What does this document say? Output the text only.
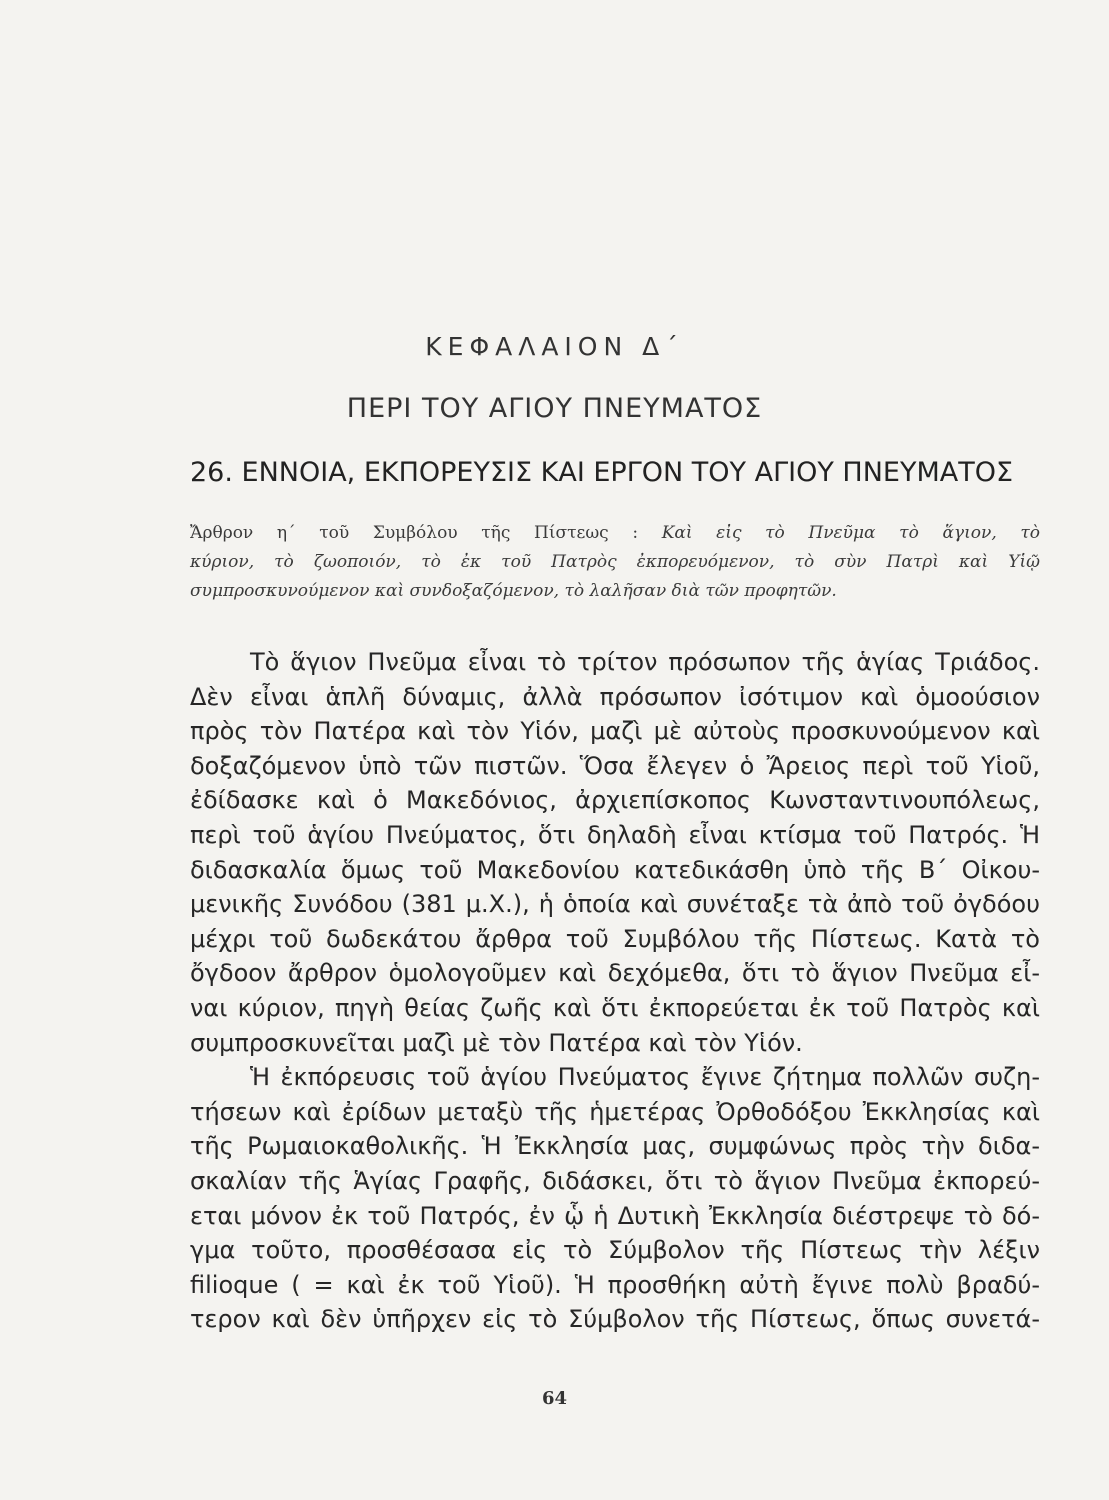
ΚΕΦΑΛΑΙΟΝ Δ΄
ΠΕΡΙ ΤΟΥ ΑΓΙΟΥ ΠΝΕΥΜΑΤΟΣ
26. ΕΝΝΟΙΑ, ΕΚΠΟΡΕΥΣΙΣ ΚΑΙ ΕΡΓΟΝ ΤΟΥ ΑΓΙΟΥ ΠΝΕΥΜΑΤΟΣ
Ἄρθρον η΄ τοῦ Συμβόλου τῆς Πίστεως : Καὶ εἰς τὸ Πνεῦμα τὸ ἅγιον, τὸ
κύριον, τὸ ζωοποιόν, τὸ ἐκ τοῦ Πατρὸς ἐκπορευόμενον, τὸ σὺν Πατρὶ καὶ Υἱῷ
συμπροσκυνούμενον καὶ συνδοξαζόμενον, τὸ λαλῆσαν διὰ τῶν προφητῶν.
Τὸ ἅγιον Πνεῦμα εἶναι τὸ τρίτον πρόσωπον τῆς ἁγίας Τριάδος.
Δὲν εἶναι ἁπλῆ δύναμις, ἀλλὰ πρόσωπον ἰσότιμον καὶ ὁμοούσιον
πρὸς τὸν Πατέρα καὶ τὸν Υἱόν, μαζὶ μὲ αὐτοὺς προσκυνούμενον καὶ
δοξαζόμενον ὑπὸ τῶν πιστῶν. Ὅσα ἔλεγεν ὁ Ἄρειος περὶ τοῦ Υἱοῦ,
ἐδίδασκε καὶ ὁ Μακεδόνιος, ἀρχιεπίσκοπος Κωνσταντινουπόλεως,
περὶ τοῦ ἁγίου Πνεύματος, ὅτι δηλαδὴ εἶναι κτίσμα τοῦ Πατρός. Ἡ
διδασκαλία ὅμως τοῦ Μακεδονίου κατεδικάσθη ὑπὸ τῆς Β΄ Οἰκου-
μενικῆς Συνόδου (381 μ.Χ.), ἡ ὁποία καὶ συνέταξε τὰ ἀπὸ τοῦ ὀγδόου
μέχρι τοῦ δωδεκάτου ἄρθρα τοῦ Συμβόλου τῆς Πίστεως. Κατὰ τὸ
ὄγδοον ἄρθρον ὁμολογοῦμεν καὶ δεχόμεθα, ὅτι τὸ ἅγιον Πνεῦμα εἶ-
ναι κύριον, πηγὴ θείας ζωῆς καὶ ὅτι ἐκπορεύεται ἐκ τοῦ Πατρὸς καὶ
συμπροσκυνεῖται μαζὶ μὲ τὸν Πατέρα καὶ τὸν Υἱόν.
Ἡ ἐκπόρευσις τοῦ ἁγίου Πνεύματος ἔγινε ζήτημα πολλῶν συζη-
τήσεων καὶ ἐρίδων μεταξὺ τῆς ἡμετέρας Ὀρθοδόξου Ἐκκλησίας καὶ
τῆς Ρωμαιοκαθολικῆς. Ἡ Ἐκκλησία μας, συμφώνως πρὸς τὴν διδα-
σκαλίαν τῆς Ἁγίας Γραφῆς, διδάσκει, ὅτι τὸ ἅγιον Πνεῦμα ἐκπορεύ-
εται μόνον ἐκ τοῦ Πατρός, ἐν ᾧ ἡ Δυτικὴ Ἐκκλησία διέστρεψε τὸ δό-
γμα τοῦτο, προσθέσασα εἰς τὸ Σύμβολον τῆς Πίστεως τὴν λέξιν
filioque ( = καὶ ἐκ τοῦ Υἱοῦ). Ἡ προσθήκη αὐτὴ ἔγινε πολὺ βραδύ-
τερον καὶ δὲν ὑπῆρχεν εἰς τὸ Σύμβολον τῆς Πίστεως, ὅπως συνετά-
64
